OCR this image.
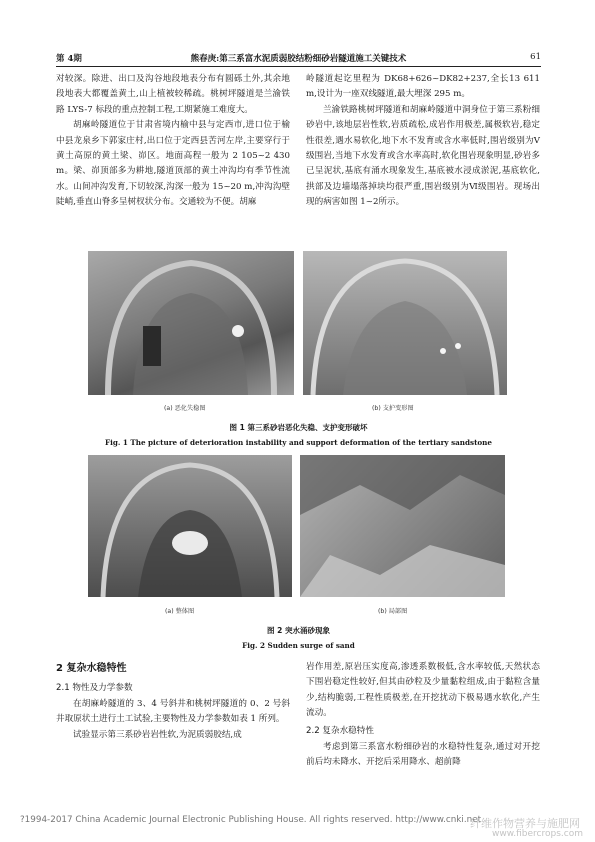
第 4期	熊春庚:第三系富水泥质弱胶结粉细砂岩隧道施工关键技术	61

对较深。除进、出口及沟谷地段地表分布有圆砾土外,其余地段地表大都覆盖黄土,山上植被较稀疏。桃树坪隧道是兰渝铁路 LYS-7 标段的重点控制工程,工期紧施工难度大。

胡麻岭隧道位于甘肃省境内榆中县与定西市,进口位于榆中县龙泉乡下郭家庄村,出口位于定西县苦河左岸,主要穿行于黄土高原的黄土梁、峁区。地面高程一般为 2 105~2 430 m。梁、峁顶部多为耕地,隧道顶部的黄土冲沟均有季节性流水。山间冲沟发育,下切较深,沟深一般为 15~20 m,冲沟沟壁陡峭,垂直山脊多呈树杈状分布。交通较为不便。胡麻

岭隧道起讫里程为 DK68+626~DK82+237,全长13 611 m,设计为一座双线隧道,最大埋深 295 m。

兰渝铁路桃树坪隧道和胡麻岭隧道中洞身位于第三系粉细砂岩中,该地层岩性软,岩质疏松,成岩作用极差,属极软岩,稳定性很差,遇水易软化,地下水不发育或含水率低时,围岩级别为Ⅴ级围岩,当地下水发育或含水率高时,软化围岩现象明显,砂岩多已呈泥状,基底有涌水现象发生,基底被水浸成淤泥,基底软化,拱部及边墙塌落掉块均很严重,围岩级别为Ⅵ级围岩。现场出现的病害如图 1~2所示。

(a) 恶化失稳图	(b) 支护变形图
图 1 第三系砂岩恶化失稳、支护变形破坏
Fig. 1 The picture of deterioration instability and support deformation of the tertiary sandstone
(a) 整体图	(b) 局部图
图 2 突水涌砂现象
Fig. 2 Sudden surge of sand

2 复杂水稳特性

2.1 物性及力学参数

在胡麻岭隧道的 3、4 号斜井和桃树坪隧道的 0、2 号斜井取原状土进行土工试验,主要物性及力学参数如表 1 所列。

试验显示第三系砂岩岩性软,为泥质弱胶结,成

岩作用差,原岩压实度高,渗透系数极低,含水率较低,天然状态下围岩稳定性较好,但其由砂粒及少量黏粒组成,由于黏粒含量少,结构脆弱,工程性质极差,在开挖扰动下极易遇水软化,产生流动。

2.2 复杂水稳特性

考虑到第三系富水粉细砂岩的水稳特性复杂,通过对开挖前后均未降水、开挖后采用降水、超前降

?1994-2017 China Academic Journal Electronic Publishing House. All rights reserved. http://www.cnki.net
纤维作物营养与施肥网
www.fibercrops.com
